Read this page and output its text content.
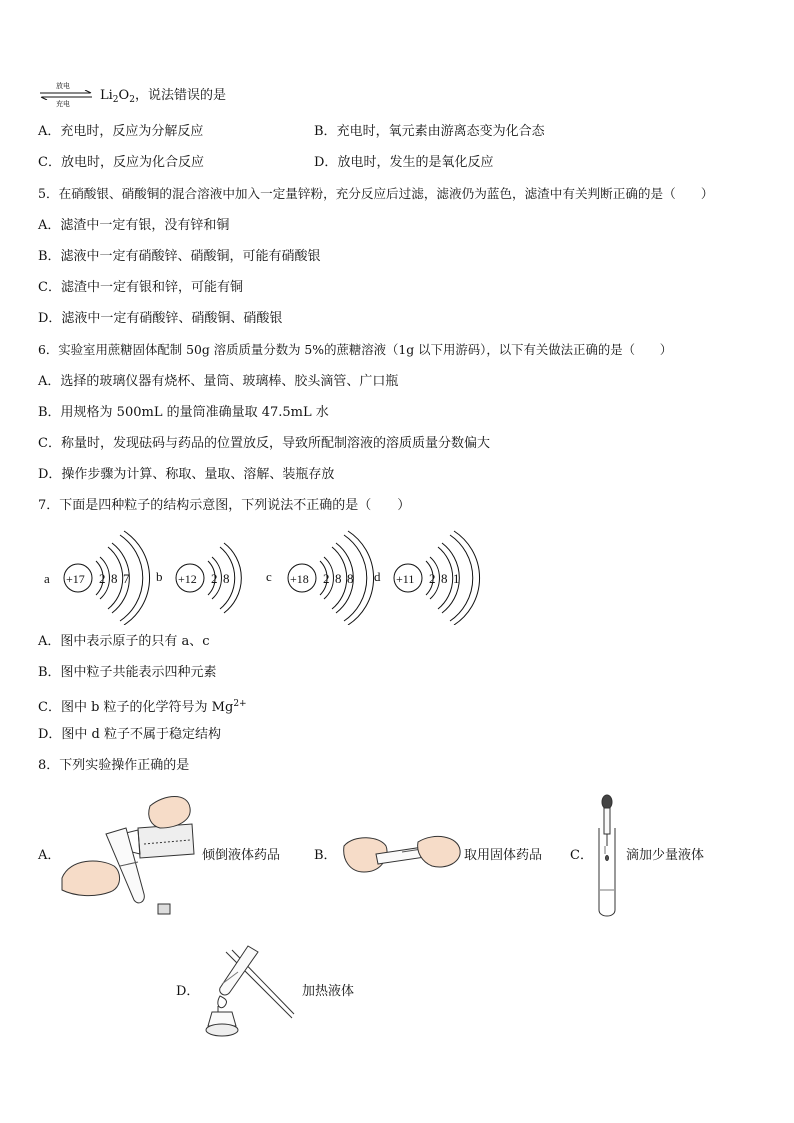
放电
充电
$Li_2O_2$，说法错误的是
A．充电时，反应为分解反应	B．充电时，氧元素由游离态变为化合态
C．放电时，反应为化合反应	D．放电时，发生的是氧化反应
5．在硝酸银、硝酸铜的混合溶液中加入一定量锌粉，充分反应后过滤，滤液仍为蓝色，滤渣中有关判断正确的是（　　）
A．滤渣中一定有银，没有锌和铜
B．滤液中一定有硝酸锌、硝酸铜，可能有硝酸银
C．滤渣中一定有银和锌，可能有铜
D．滤液中一定有硝酸锌、硝酸铜、硝酸银
6．实验室用蔗糖固体配制 50g 溶质质量分数为 5%的蔗糖溶液（1g 以下用游码），以下有关做法正确的是（　　）
A．选择的玻璃仪器有烧杯、量筒、玻璃棒、胶头滴管、广口瓶
B．用规格为 500mL 的量筒准确量取 47.5mL 水
C．称量时，发现砝码与药品的位置放反，导致所配制溶液的溶质质量分数偏大
D．操作步骤为计算、称取、量取、溶解、装瓶存放
7．下面是四种粒子的结构示意图，下列说法不正确的是（　　）
a +17 2 8 7 b +12 2 8	c +18 2 8 8 d +11 2 8 1
A．图中表示原子的只有 a、c
B．图中粒子共能表示四种元素
C．图中 b 粒子的化学符号为 $Mg^{2+}$
D．图中 d 粒子不属于稳定结构
8．下列实验操作正确的是
A．	倾倒液体药品	B．	取用固体药品 C．	滴加少量液体
D．	加热液体
